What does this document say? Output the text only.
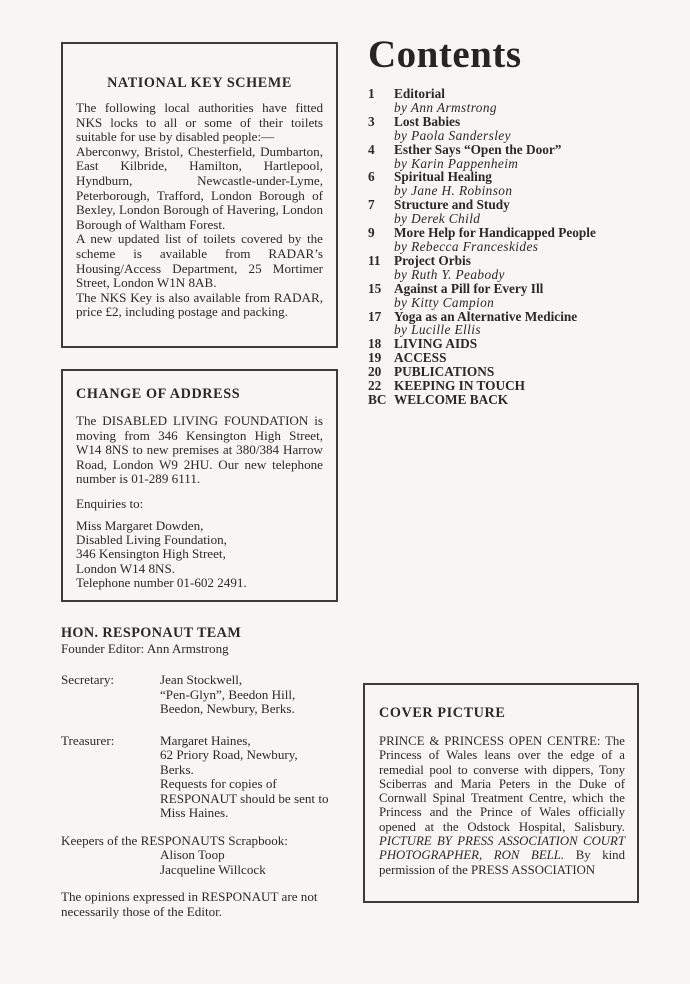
NATIONAL KEY SCHEME

The following local authorities have fitted NKS locks to all or some of their toilets suitable for use by disabled people:—

Aberconwy, Bristol, Chesterfield, Dumbarton, East Kilbride, Hamilton, Hartlepool, Hyndburn, Newcastle-under-Lyme, Peterborough, Trafford, London Borough of Bexley, London Borough of Havering, London Borough of Waltham Forest.

A new updated list of toilets covered by the scheme is available from RADAR’s Housing/Access Department, 25 Mortimer Street, London W1N 8AB.

The NKS Key is also available from RADAR, price £2, including postage and packing.

Contents
1	Editorial
by Ann Armstrong
3	Lost Babies
by Paola Sandersley
4	Esther Says “Open the Door”
by Karin Pappenheim
6	Spiritual Healing
by Jane H. Robinson
7	Structure and Study
by Derek Child
9	More Help for Handicapped People
by Rebecca Franceskides
11	Project Orbis
by Ruth Y. Peabody
15 Against a Pill for Every Ill
by Kitty Campion
17 Yoga as an Alternative Medicine
by Lucille Ellis
18 LIVING AIDS
19 ACCESS
20 PUBLICATIONS
22 KEEPING IN TOUCH
BC WELCOME BACK
CHANGE OF ADDRESS

The DISABLED LIVING FOUNDATION is moving from 346 Kensington High Street, W14 8NS to new premises at 380/384 Harrow Road, London W9 2HU. Our new telephone number is 01-289 6111.

Enquiries to:
Miss Margaret Dowden,
Disabled Living Foundation,
346 Kensington High Street,
London W14 8NS.
Telephone number 01-602 2491.
HON. RESPONAUT TEAM
Founder Editor: Ann Armstrong
Secretary:	Jean Stockwell,
“Pen-Glyn”, Beedon Hill,
Beedon, Newbury, Berks.
Treasurer:	Margaret Haines,
62 Priory Road, Newbury,
Berks.
Requests for copies of
RESPONAUT should be sent to
Miss Haines.
Keepers of the RESPONAUTS Scrapbook:
Alison Toop
Jacqueline Willcock
The opinions expressed in RESPONAUT are not necessarily those of the Editor.
COVER PICTURE

PRINCE & PRINCESS OPEN CENTRE: The Princess of Wales leans over the edge of a remedial pool to converse with dippers, Tony Sciberras and Maria Peters in the Duke of Cornwall Spinal Treatment Centre, which the Princess and the Prince of Wales officially opened at the Odstock Hospital, Salisbury. PICTURE BY PRESS ASSOCIATION COURT PHOTOGRAPHER, RON BELL. By kind permission of the PRESS ASSOCIATION
